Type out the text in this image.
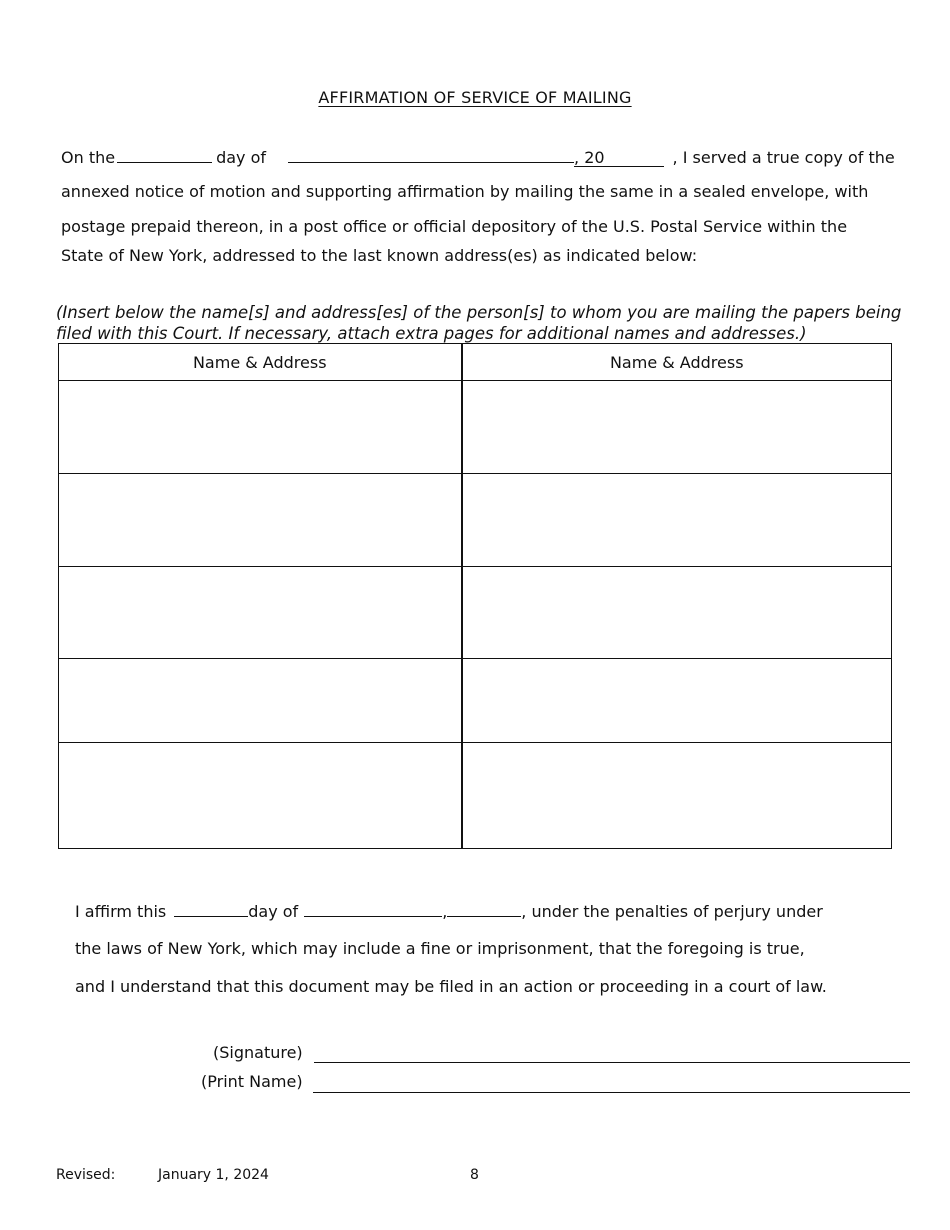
AFFIRMATION OF SERVICE OF MAILING
On the	day of	, 20	, I served a true copy of the
annexed notice of motion and supporting affirmation by mailing the same in a sealed envelope, with
postage prepaid thereon, in a post office or official depository of the U.S. Postal Service within the
State of New York, addressed to the last known address(es) as indicated below:
(Insert below the name[s] and address[es] of the person[s] to whom you are mailing the papers being
filed with this Court. If necessary, attach extra pages for additional names and addresses.)
Name & Address	Name & Address

I affirm this	day of	,	, under the penalties of perjury under
the laws of New York, which may include a fine or imprisonment, that the foregoing is true,
and I understand that this document may be filed in an action or proceeding in a court of law.
(Signature)
(Print Name)
Revised:	January 1, 2024	8
